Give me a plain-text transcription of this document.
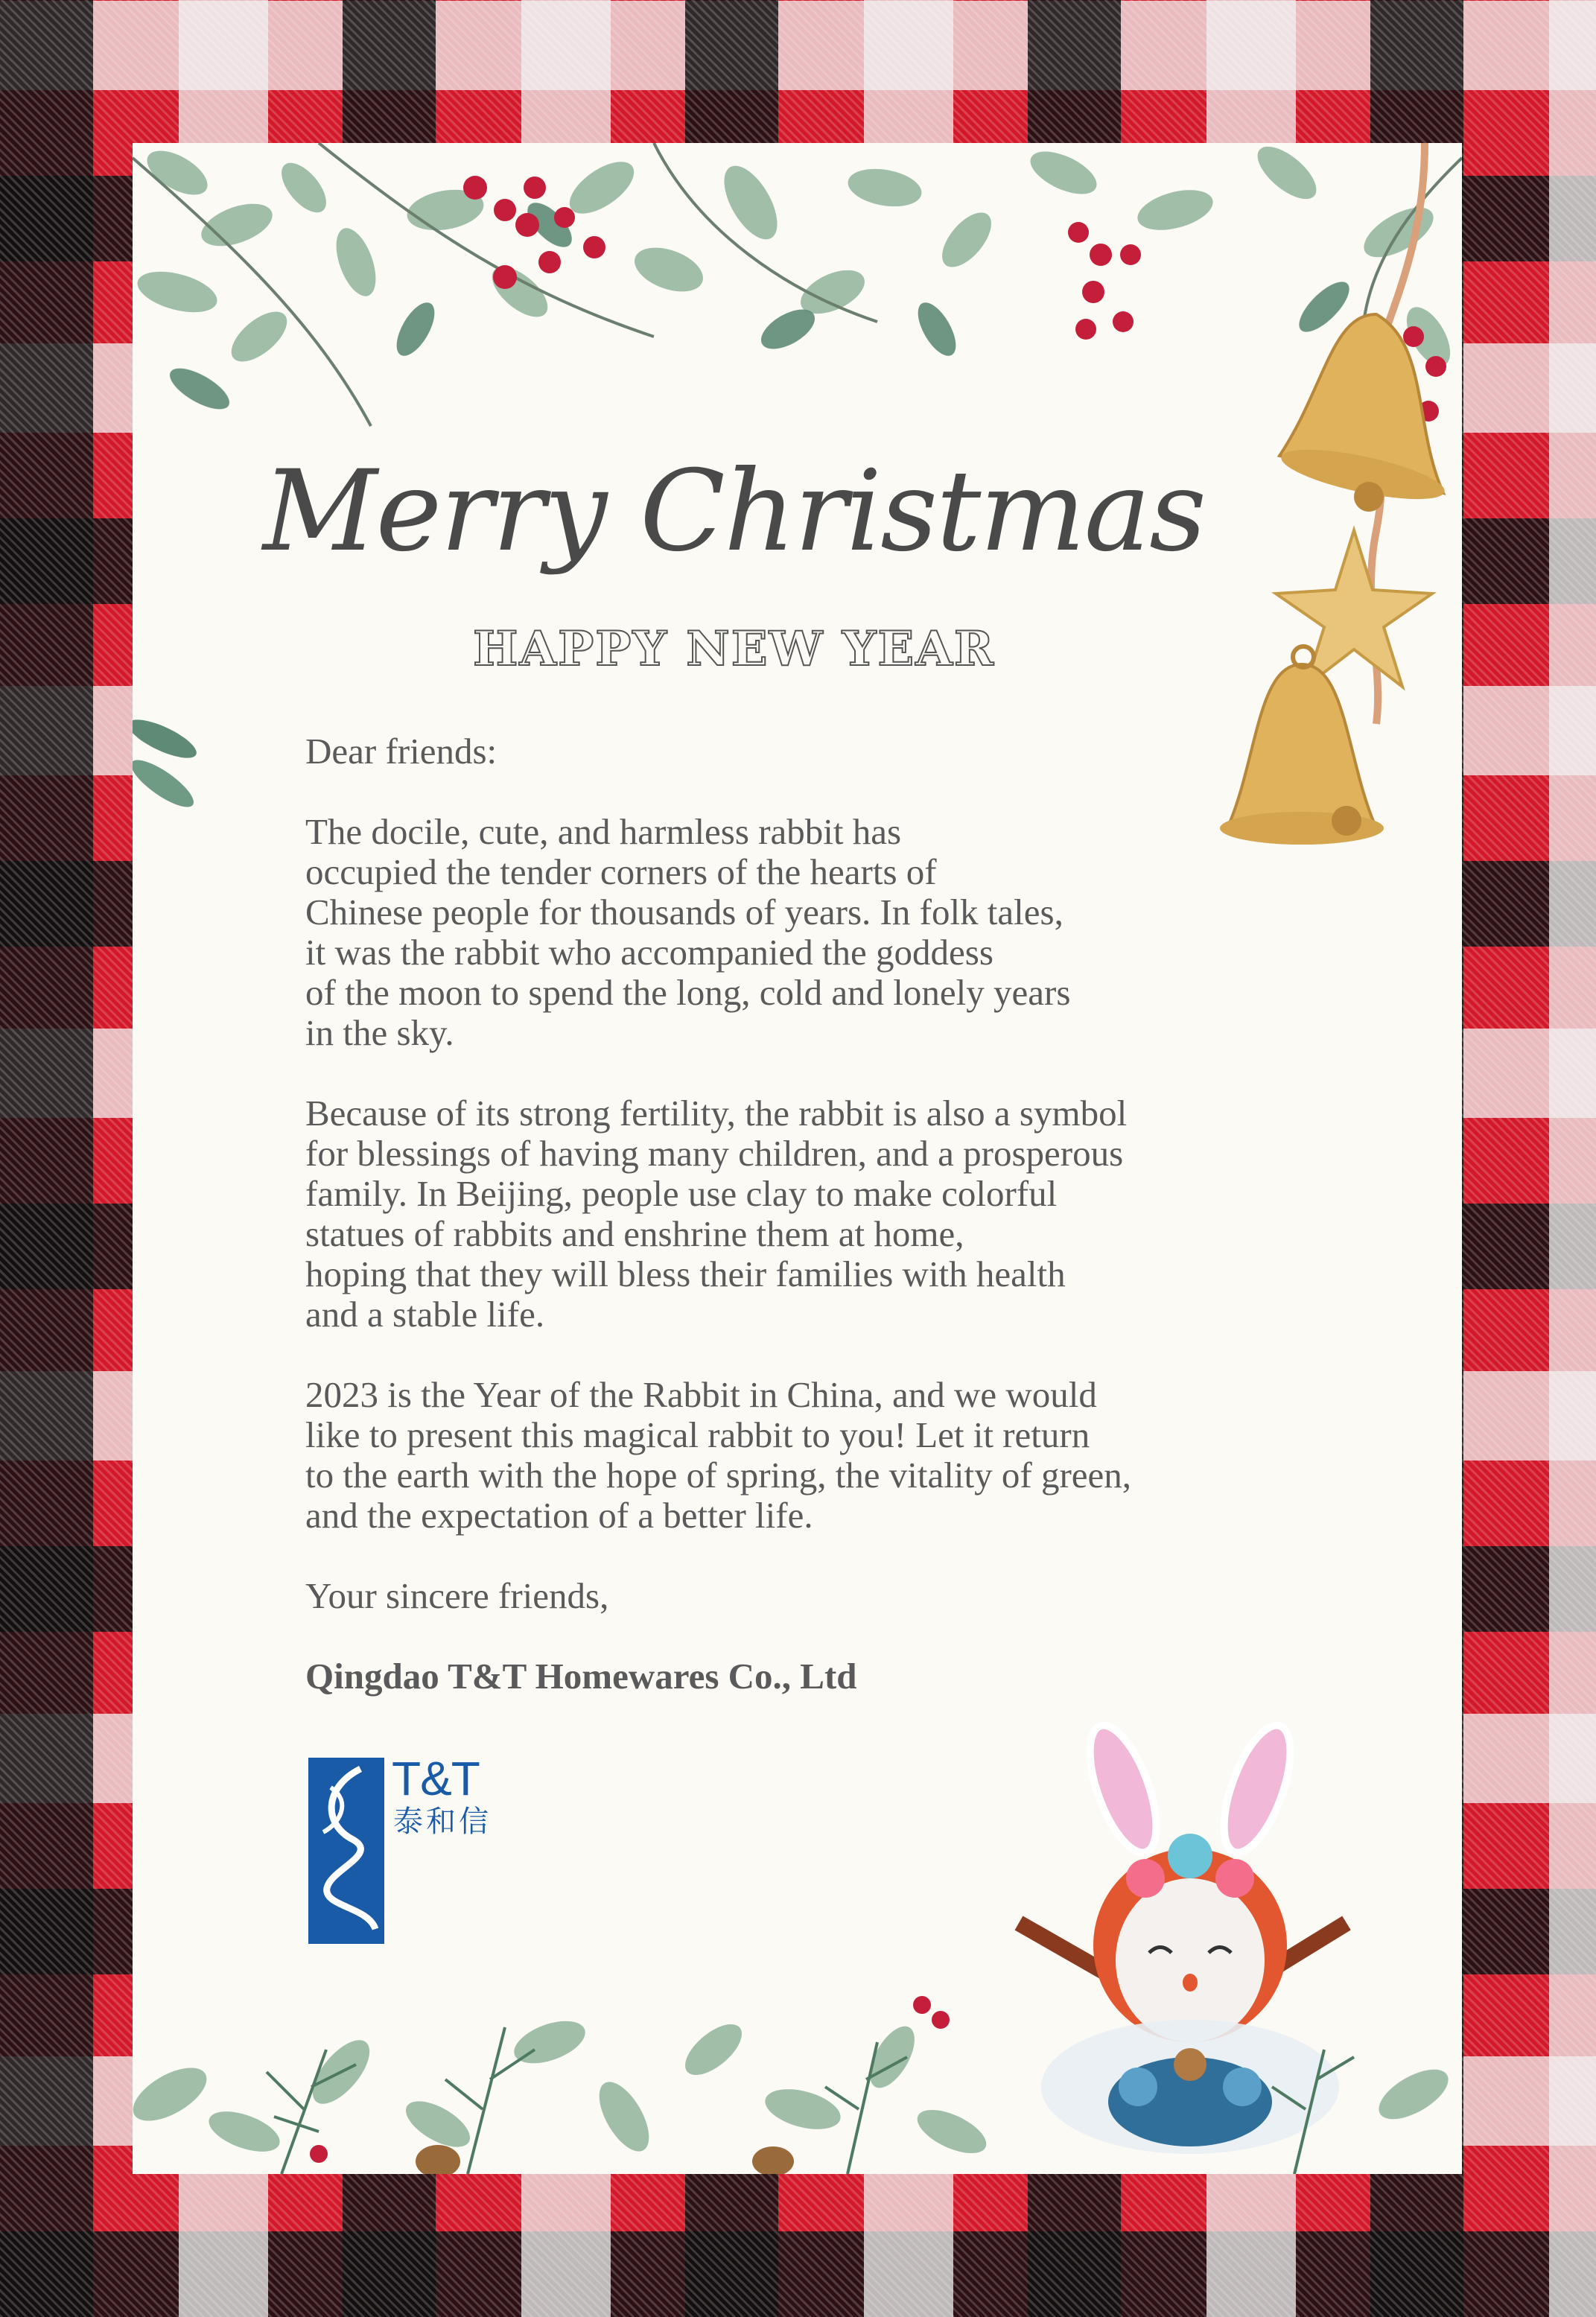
Merry Christmas
HAPPY NEW YEAR

Dear friends:

The docile, cute, and harmless rabbit has
occupied the tender corners of the hearts of
Chinese people for thousands of years. In folk tales,
it was the rabbit who accompanied the goddess
of the moon to spend the long, cold and lonely years
in the sky.

Because of its strong fertility, the rabbit is also a symbol
for blessings of having many children, and a prosperous
family. In Beijing, people use clay to make colorful
statues of rabbits and enshrine them at home,
hoping that they will bless their families with health
and a stable life.

2023 is the Year of the Rabbit in China, and we would
like to present this magical rabbit to you! Let it return
to the earth with the hope of spring, the vitality of green,
and the expectation of a better life.

Your sincere friends,

Qingdao T&T Homewares Co., Ltd

T&T
泰和信
